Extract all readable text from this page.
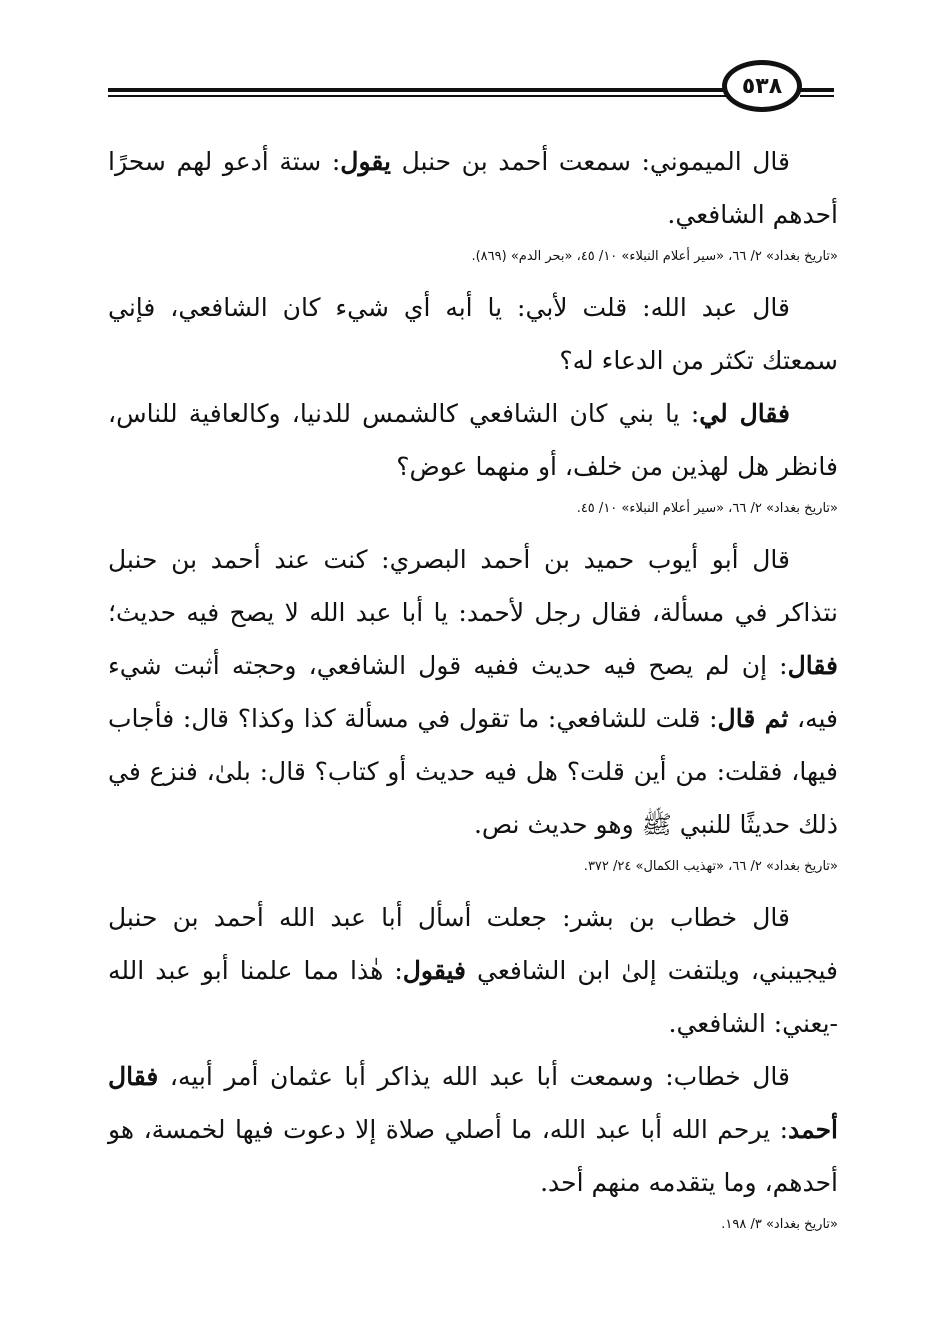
٥٣٨

قال الميموني: سمعت أحمد بن حنبل يقول: ستة أدعو لهم سحرًا أحدهم الشافعي.

«تاريخ بغداد» ٢/ ٦٦، «سير أعلام النبلاء» ١٠/ ٤٥، «بحر الدم» (٨٦٩).

قال عبد الله: قلت لأبي: يا أبه أي شيء كان الشافعي، فإني سمعتك تكثر من الدعاء له؟

فقال لي: يا بني كان الشافعي كالشمس للدنيا، وكالعافية للناس، فانظر هل لهذين من خلف، أو منهما عوض؟

«تاريخ بغداد» ٢/ ٦٦، «سير أعلام النبلاء» ١٠/ ٤٥.

قال أبو أيوب حميد بن أحمد البصري: كنت عند أحمد بن حنبل نتذاكر في مسألة، فقال رجل لأحمد: يا أبا عبد الله لا يصح فيه حديث؛ فقال: إن لم يصح فيه حديث ففيه قول الشافعي، وحجته أثبت شيء فيه، ثم قال: قلت للشافعي: ما تقول في مسألة كذا وكذا؟ قال: فأجاب فيها، فقلت: من أين قلت؟ هل فيه حديث أو كتاب؟ قال: بلىٰ، فنزع في ذلك حديثًا للنبي ﷺ وهو حديث نص.

«تاريخ بغداد» ٢/ ٦٦، «تهذيب الكمال» ٢٤/ ٣٧٢.

قال خطاب بن بشر: جعلت أسأل أبا عبد الله أحمد بن حنبل فيجيبني، ويلتفت إلىٰ ابن الشافعي فيقول: هٰذا مما علمنا أبو عبد الله -يعني: الشافعي.

قال خطاب: وسمعت أبا عبد الله يذاكر أبا عثمان أمر أبيه، فقال أحمد: يرحم الله أبا عبد الله، ما أصلي صلاة إلا دعوت فيها لخمسة، هو أحدهم، وما يتقدمه منهم أحد.

«تاريخ بغداد» ٣/ ١٩٨.
